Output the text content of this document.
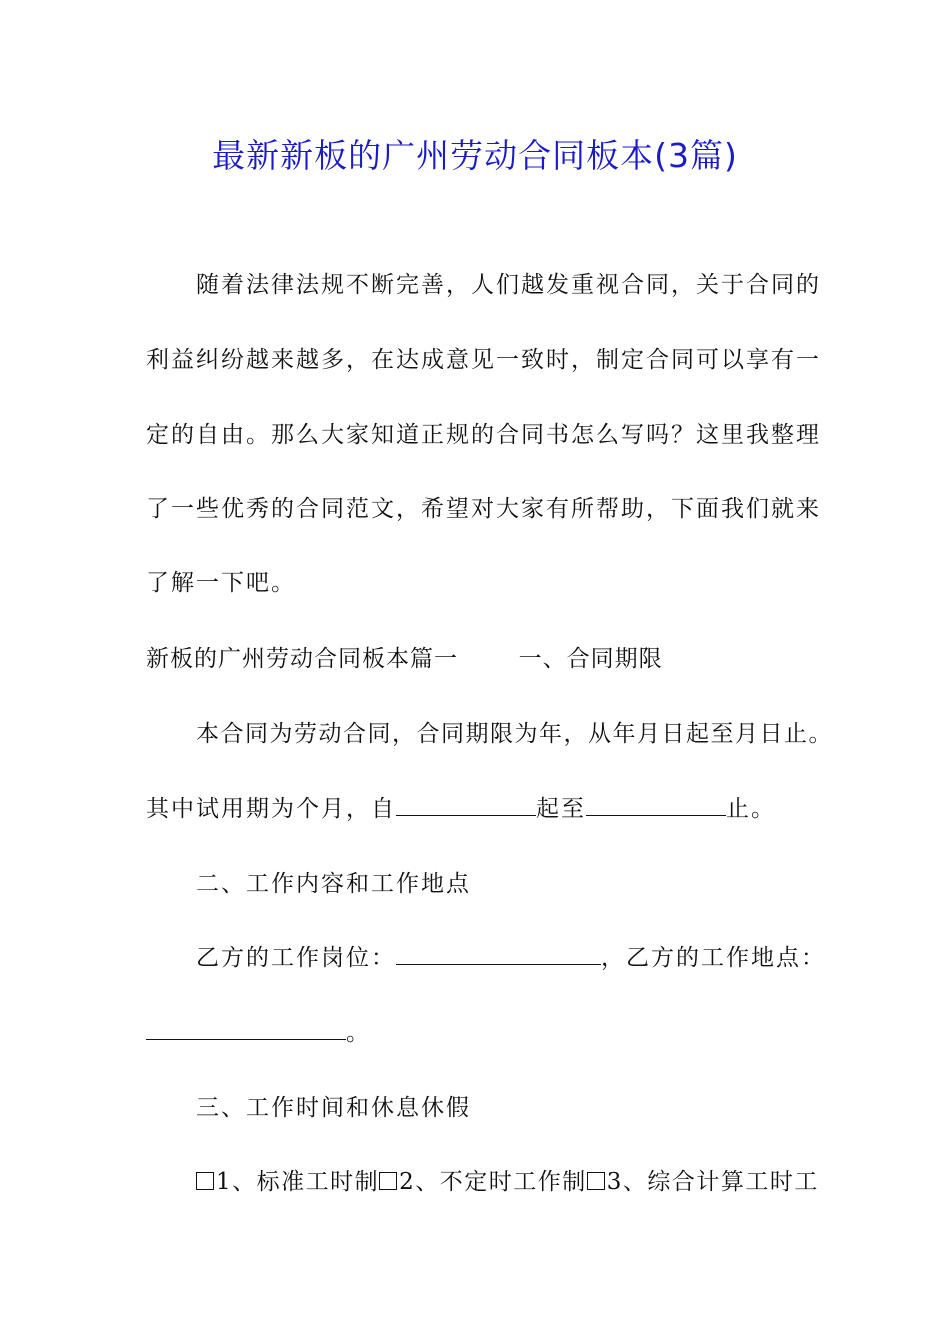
最新新板的广州劳动合同板本(3篇)
随着法律法规不断完善，人们越发重视合同，关于合同的
利益纠纷越来越多，在达成意见一致时，制定合同可以享有一
定的自由。那么大家知道正规的合同书怎么写吗？这里我整理
了一些优秀的合同范文，希望对大家有所帮助，下面我们就来
了解一下吧。
新板的广州劳动合同板本篇一	一、合同期限
本合同为劳动合同，合同期限为年，从年月日起至月日止。
其中试用期为个月，自	起至	止。
二、工作内容和工作地点
乙方的工作岗位：	，乙方的工作地点：
。
三、工作时间和休息休假
1、标准工时制 2、不定时工作制 3、综合计算工时工
